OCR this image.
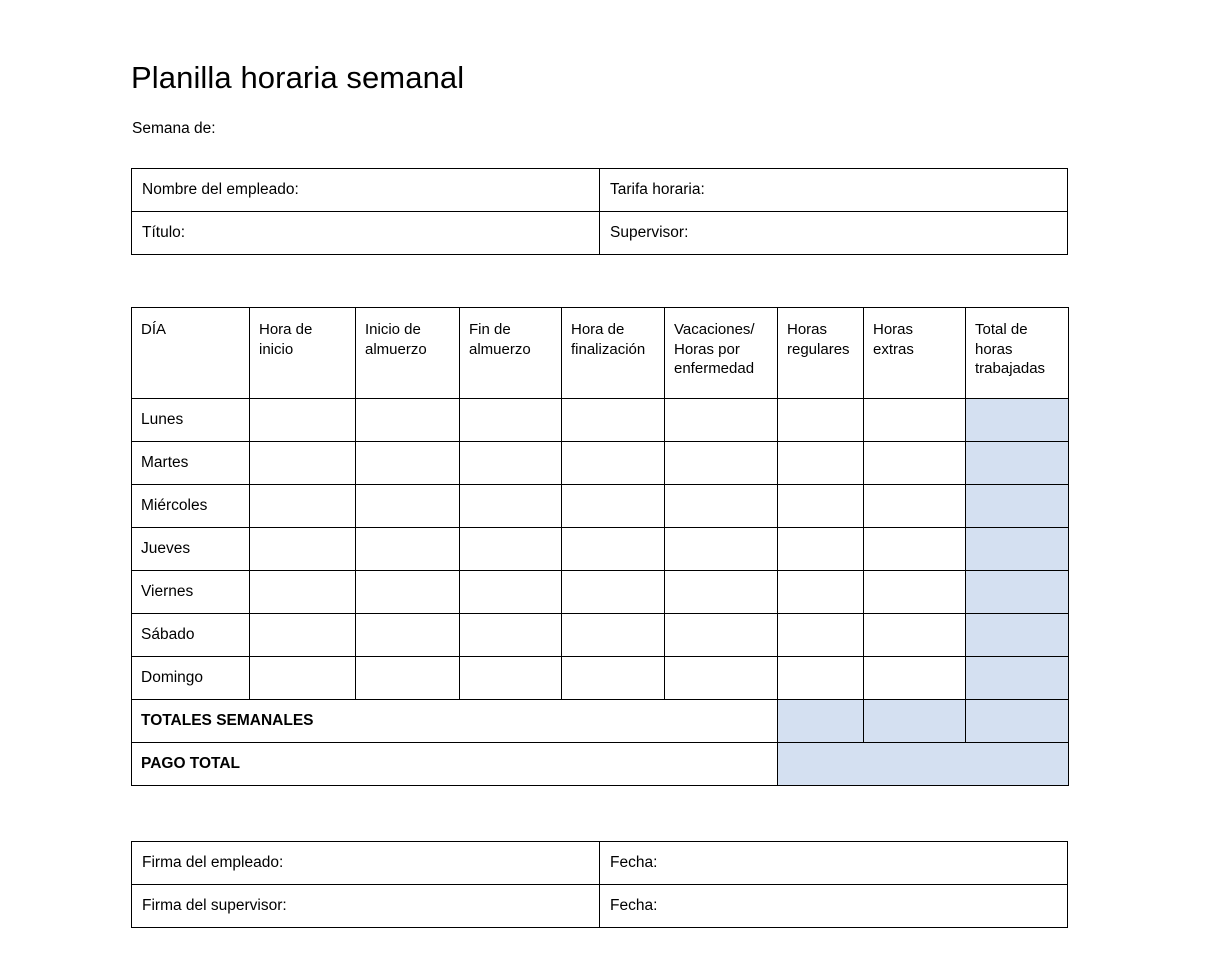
Planilla horaria semanal
Semana de:
Nombre del empleado:	Tarifa horaria:
Título:	Supervisor:
DÍA	Hora de inicio	Inicio de almuerzo	Fin de almuerzo	Hora de finalización	Vacaciones/ Horas por enfermedad	Horas regulares	Horas extras	Total de horas trabajadas
Lunes								
Martes								
Miércoles								
Jueves								
Viernes								
Sábado								
Domingo								
TOTALES SEMANALES								
PAGO TOTAL								
Firma del empleado:	Fecha:
Firma del supervisor:	Fecha:
